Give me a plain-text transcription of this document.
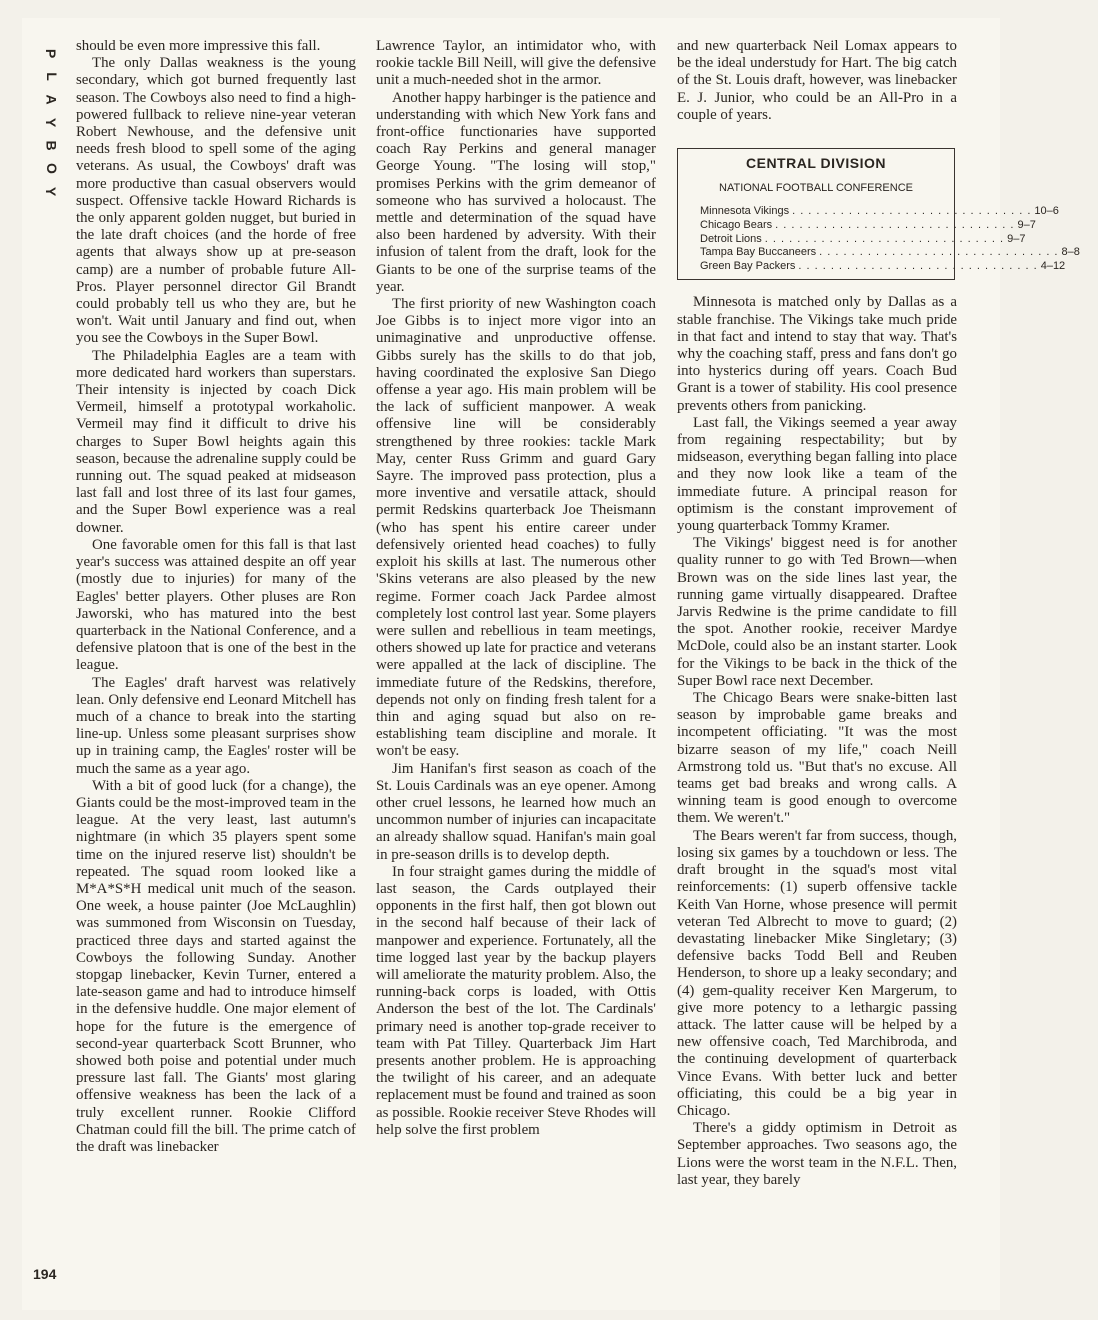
P
L
A
Y
B
O
Y

should be even more impressive this fall.

The only Dallas weakness is the young secondary, which got burned frequently last season. The Cowboys also need to find a high-powered fullback to relieve nine-year veteran Robert Newhouse, and the defensive unit needs fresh blood to spell some of the aging veterans. As usual, the Cowboys' draft was more productive than casual observers would suspect. Offensive tackle Howard Richards is the only apparent golden nugget, but buried in the late draft choices (and the horde of free agents that always show up at pre-season camp) are a number of probable future All-Pros. Player personnel director Gil Brandt could probably tell us who they are, but he won't. Wait until January and find out, when you see the Cowboys in the Super Bowl.

The Philadelphia Eagles are a team with more dedicated hard workers than superstars. Their intensity is injected by coach Dick Vermeil, himself a prototypal workaholic. Vermeil may find it difficult to drive his charges to Super Bowl heights again this season, because the adrenaline supply could be running out. The squad peaked at midseason last fall and lost three of its last four games, and the Super Bowl experience was a real downer.

One favorable omen for this fall is that last year's success was attained despite an off year (mostly due to injuries) for many of the Eagles' better players. Other pluses are Ron Jaworski, who has matured into the best quarterback in the National Conference, and a defensive platoon that is one of the best in the league.

The Eagles' draft harvest was relatively lean. Only defensive end Leonard Mitchell has much of a chance to break into the starting line-up. Unless some pleasant surprises show up in training camp, the Eagles' roster will be much the same as a year ago.

With a bit of good luck (for a change), the Giants could be the most-improved team in the league. At the very least, last autumn's nightmare (in which 35 players spent some time on the injured reserve list) shouldn't be repeated. The squad room looked like a M*A*S*H medical unit much of the season. One week, a house painter (Joe McLaughlin) was summoned from Wisconsin on Tuesday, practiced three days and started against the Cowboys the following Sunday. Another stopgap linebacker, Kevin Turner, entered a late-season game and had to introduce himself in the defensive huddle. One major element of hope for the future is the emergence of second-year quarterback Scott Brunner, who showed both poise and potential under much pressure last fall. The Giants' most glaring offensive weakness has been the lack of a truly excellent runner. Rookie Clifford Chatman could fill the bill. The prime catch of the draft was linebacker

Lawrence Taylor, an intimidator who, with rookie tackle Bill Neill, will give the defensive unit a much-needed shot in the armor.

Another happy harbinger is the patience and understanding with which New York fans and front-office functionaries have supported coach Ray Perkins and general manager George Young. "The losing will stop," promises Perkins with the grim demeanor of someone who has survived a holocaust. The mettle and determination of the squad have also been hardened by adversity. With their infusion of talent from the draft, look for the Giants to be one of the surprise teams of the year.

The first priority of new Washington coach Joe Gibbs is to inject more vigor into an unimaginative and unproductive offense. Gibbs surely has the skills to do that job, having coordinated the explosive San Diego offense a year ago. His main problem will be the lack of sufficient manpower. A weak offensive line will be considerably strengthened by three rookies: tackle Mark May, center Russ Grimm and guard Gary Sayre. The improved pass protection, plus a more inventive and versatile attack, should permit Redskins quarterback Joe Theismann (who has spent his entire career under defensively oriented head coaches) to fully exploit his skills at last. The numerous other 'Skins veterans are also pleased by the new regime. Former coach Jack Pardee almost completely lost control last year. Some players were sullen and rebellious in team meetings, others showed up late for practice and veterans were appalled at the lack of discipline. The immediate future of the Redskins, therefore, depends not only on finding fresh talent for a thin and aging squad but also on re-establishing team discipline and morale. It won't be easy.

Jim Hanifan's first season as coach of the St. Louis Cardinals was an eye opener. Among other cruel lessons, he learned how much an uncommon number of injuries can incapacitate an already shallow squad. Hanifan's main goal in pre-season drills is to develop depth.

In four straight games during the middle of last season, the Cards outplayed their opponents in the first half, then got blown out in the second half because of their lack of manpower and experience. Fortunately, all the time logged last year by the backup players will ameliorate the maturity problem. Also, the running-back corps is loaded, with Ottis Anderson the best of the lot. The Cardinals' primary need is another top-grade receiver to team with Pat Tilley. Quarterback Jim Hart presents another problem. He is approaching the twilight of his career, and an adequate replacement must be found and trained as soon as possible. Rookie receiver Steve Rhodes will help solve the first problem

and new quarterback Neil Lomax appears to be the ideal understudy for Hart. The big catch of the St. Louis draft, however, was linebacker E. J. Junior, who could be an All-Pro in a couple of years.

CENTRAL DIVISION
NATIONAL FOOTBALL CONFERENCE
Minnesota Vikings . . . . . . . . . . . . . . . . . . . . . . . . . . . . . . 10–6
Chicago Bears . . . . . . . . . . . . . . . . . . . . . . . . . . . . . . 9–7
Detroit Lions . . . . . . . . . . . . . . . . . . . . . . . . . . . . . . 9–7
Tampa Bay Buccaneers . . . . . . . . . . . . . . . . . . . . . . . . . . . . . . 8–8
Green Bay Packers . . . . . . . . . . . . . . . . . . . . . . . . . . . . . . 4–12

Minnesota is matched only by Dallas as a stable franchise. The Vikings take much pride in that fact and intend to stay that way. That's why the coaching staff, press and fans don't go into hysterics during off years. Coach Bud Grant is a tower of stability. His cool presence prevents others from panicking.

Last fall, the Vikings seemed a year away from regaining respectability; but by midseason, everything began falling into place and they now look like a team of the immediate future. A principal reason for optimism is the constant improvement of young quarterback Tommy Kramer.

The Vikings' biggest need is for another quality runner to go with Ted Brown—when Brown was on the side lines last year, the running game virtually disappeared. Draftee Jarvis Redwine is the prime candidate to fill the spot. Another rookie, receiver Mardye McDole, could also be an instant starter. Look for the Vikings to be back in the thick of the Super Bowl race next December.

The Chicago Bears were snake-bitten last season by improbable game breaks and incompetent officiating. "It was the most bizarre season of my life," coach Neill Armstrong told us. "But that's no excuse. All teams get bad breaks and wrong calls. A winning team is good enough to overcome them. We weren't."

The Bears weren't far from success, though, losing six games by a touchdown or less. The draft brought in the squad's most vital reinforcements: (1) superb offensive tackle Keith Van Horne, whose presence will permit veteran Ted Albrecht to move to guard; (2) devastating linebacker Mike Singletary; (3) defensive backs Todd Bell and Reuben Henderson, to shore up a leaky secondary; and (4) gem-quality receiver Ken Margerum, to give more potency to a lethargic passing attack. The latter cause will be helped by a new offensive coach, Ted Marchibroda, and the continuing development of quarterback Vince Evans. With better luck and better officiating, this could be a big year in Chicago.

There's a giddy optimism in Detroit as September approaches. Two seasons ago, the Lions were the worst team in the N.F.L. Then, last year, they barely

194
